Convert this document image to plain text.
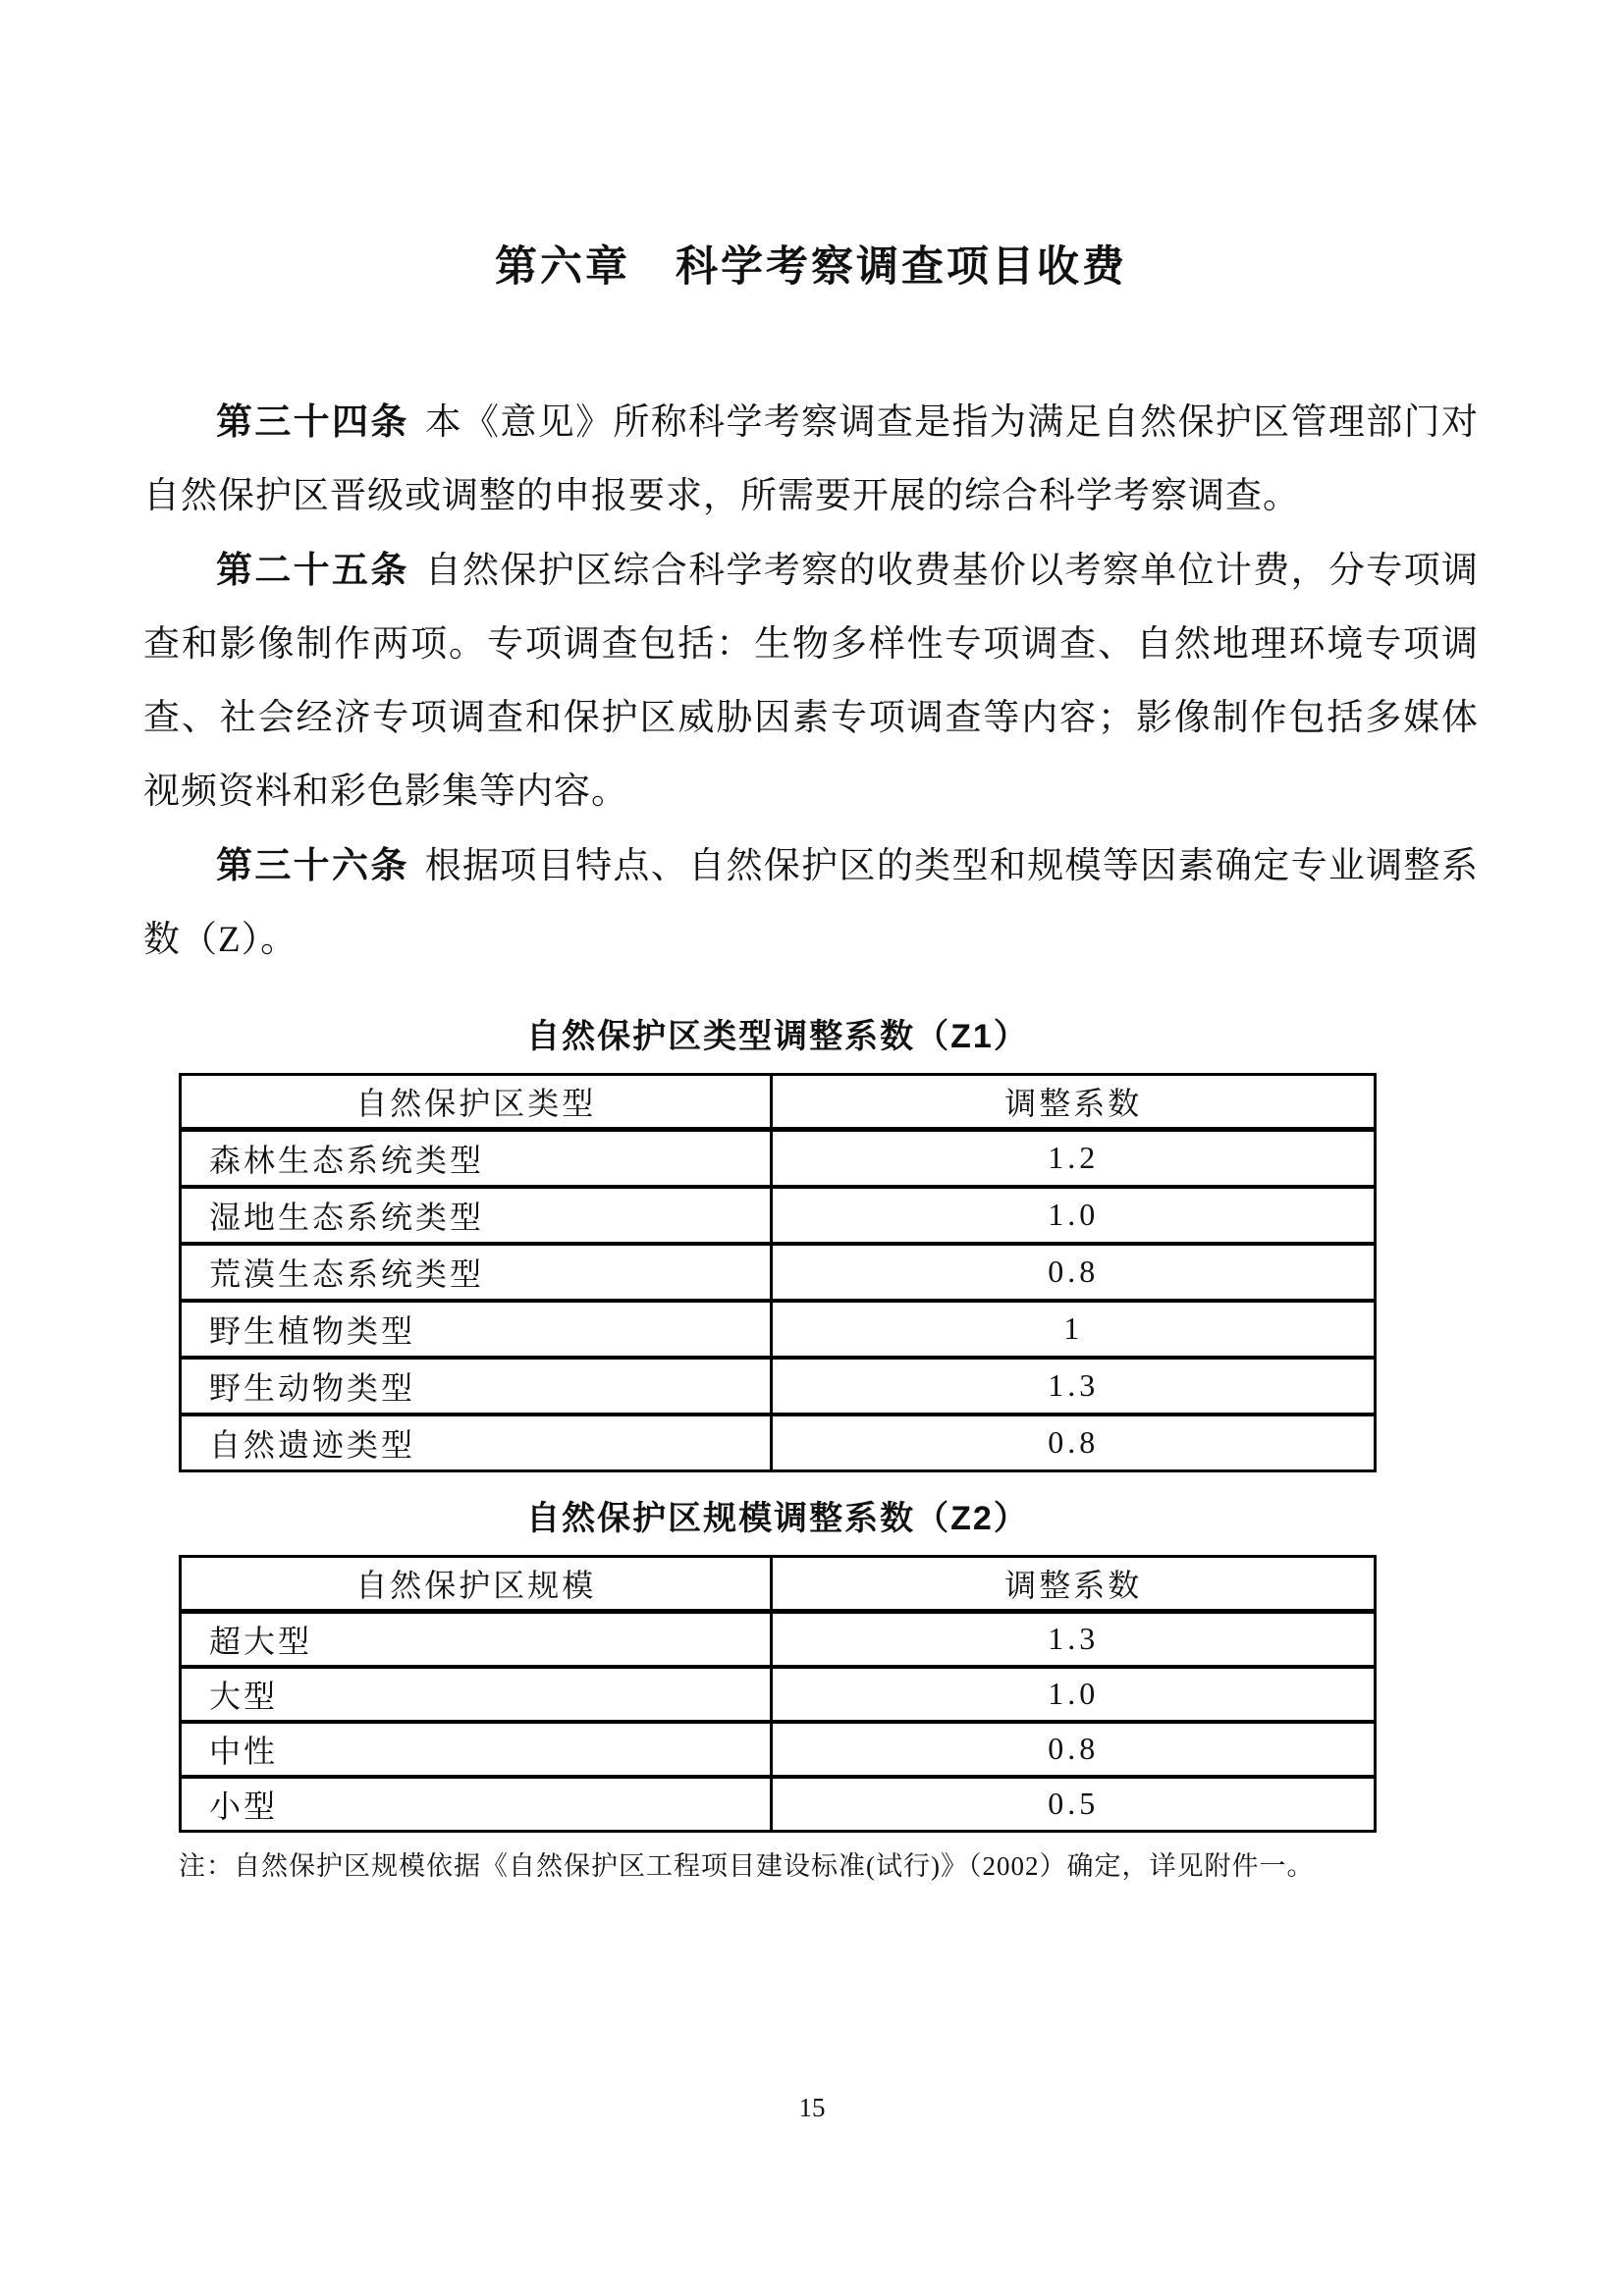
第六章　科学考察调查项目收费

第三十四条 本《意见》所称科学考察调查是指为满足自然保护区管理部门对自然保护区晋级或调整的申报要求，所需要开展的综合科学考察调查。

第二十五条 自然保护区综合科学考察的收费基价以考察单位计费，分专项调查和影像制作两项。专项调查包括：生物多样性专项调查、自然地理环境专项调查、社会经济专项调查和保护区威胁因素专项调查等内容；影像制作包括多媒体视频资料和彩色影集等内容。

第三十六条 根据项目特点、自然保护区的类型和规模等因素确定专业调整系数（Z）。

自然保护区类型调整系数（Z1）
自然保护区类型	调整系数
森林生态系统类型	1.2
湿地生态系统类型	1.0
荒漠生态系统类型	0.8
野生植物类型	1
野生动物类型	1.3
自然遗迹类型	0.8
自然保护区规模调整系数（Z2）
自然保护区规模	调整系数
超大型	1.3
大型	1.0
中性	0.8
小型	0.5

注：自然保护区规模依据《自然保护区工程项目建设标准(试行)》（2002）确定，详见附件一。

15
